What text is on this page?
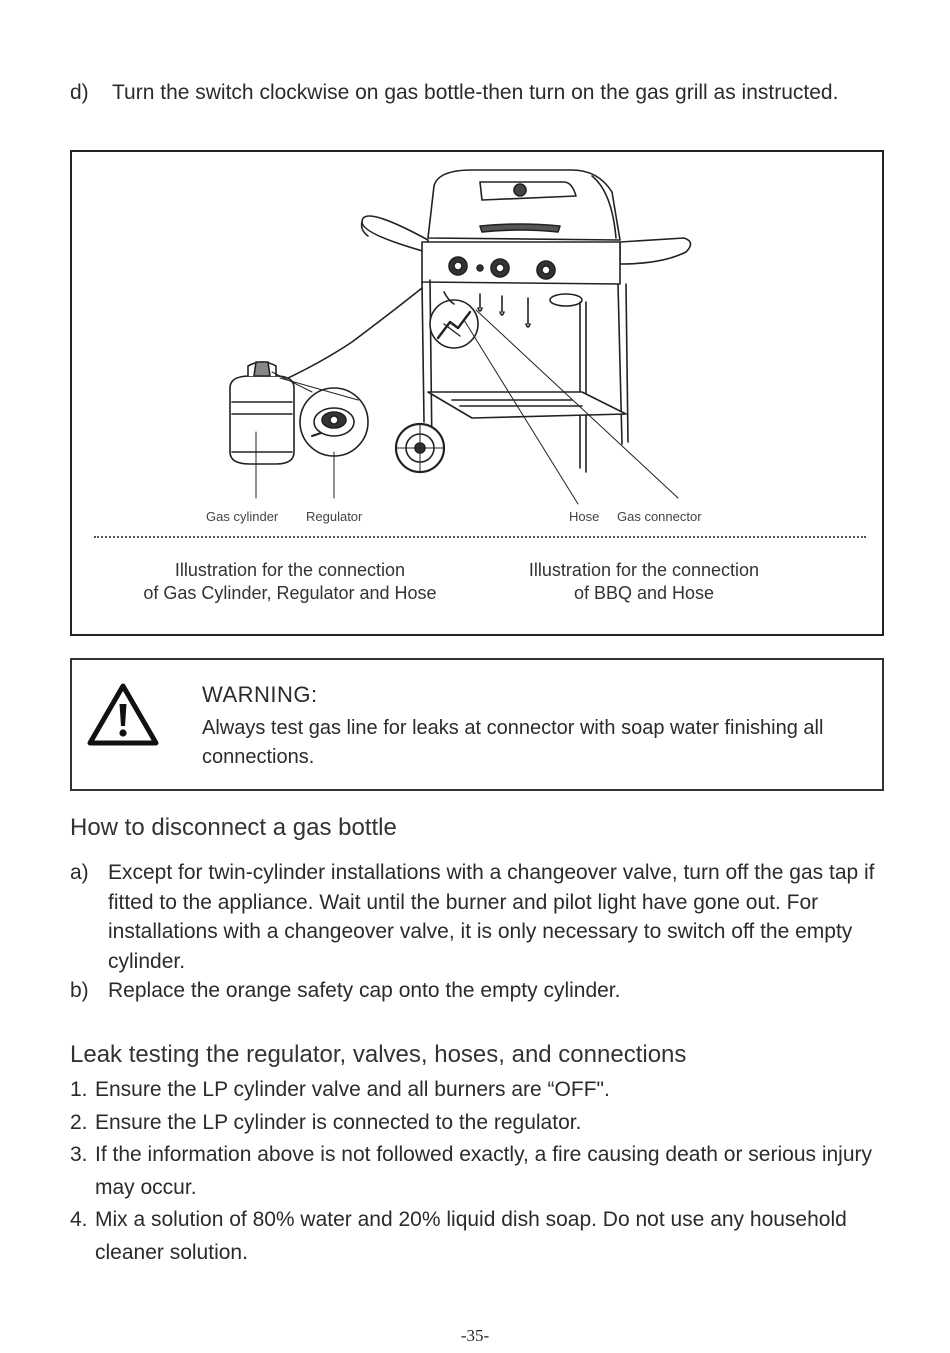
d) Turn the switch clockwise on gas bottle-then turn on the gas grill as instructed.
Gas cylinder Regulator	Hose Gas connector
Illustration for the connection
of Gas Cylinder, Regulator and Hose
Illustration for the connection
of BBQ and Hose
WARNING:
Always test gas line for leaks at connector with soap water finishing all connections.
How to disconnect a gas bottle
a) Except for twin-cylinder installations with a changeover valve, turn off the gas tap if fitted to the appliance. Wait until the burner and pilot light have gone out. For installations with a changeover valve, it is only necessary to switch off the empty cylinder.
b) Replace the orange safety cap onto the empty cylinder.
Leak testing the regulator, valves, hoses, and connections
1. Ensure the LP cylinder valve and all burners are “OFF".
2. Ensure the LP cylinder is connected to the regulator.
3. If the information above is not followed exactly, a fire causing death or serious injury may occur.
4. Mix a solution of 80% water and 20% liquid dish soap. Do not use any household cleaner solution.
-35-
